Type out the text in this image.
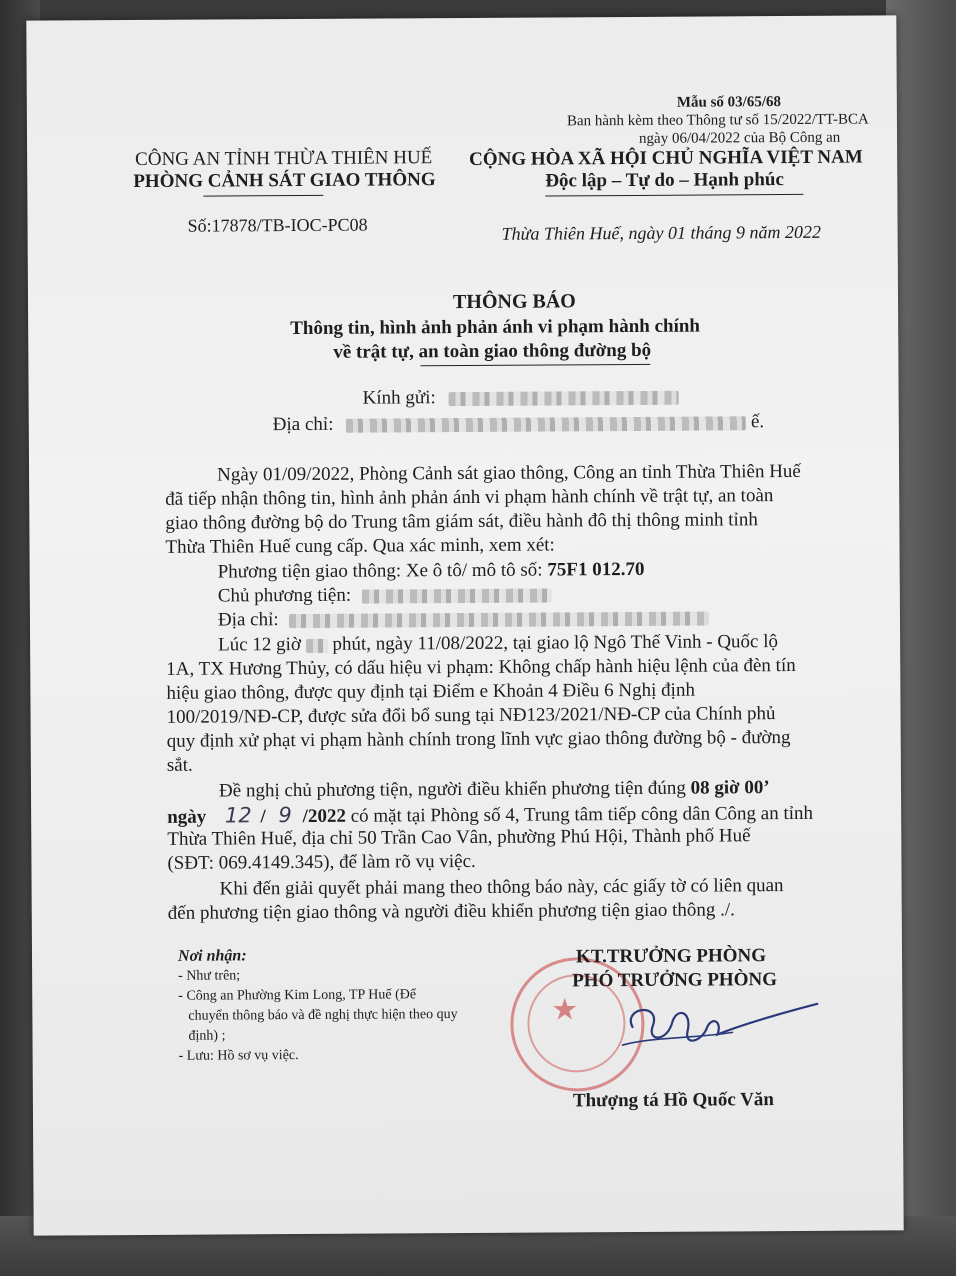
Mẫu số 03/65/68
Ban hành kèm theo Thông tư số 15/2022/TT-BCA
ngày 06/04/2022 của Bộ Công an
CÔNG AN TỈNH THỪA THIÊN HUẾ
PHÒNG CẢNH SÁT GIAO THÔNG
Số:17878/TB-IOC-PC08
CỘNG HÒA XÃ HỘI CHỦ NGHĨA VIỆT NAM
Độc lập – Tự do – Hạnh phúc
Thừa Thiên Huế, ngày 01 tháng 9 năm 2022
THÔNG BÁO
Thông tin, hình ảnh phản ánh vi phạm hành chính
về trật tự, an toàn giao thông đường bộ
Kính gửi:
Địa chỉ:	ế.
Ngày 01/09/2022, Phòng Cảnh sát giao thông, Công an tỉnh Thừa Thiên Huế
đã tiếp nhận thông tin, hình ảnh phản ánh vi phạm hành chính về trật tự, an toàn
giao thông đường bộ do Trung tâm giám sát, điều hành đô thị thông minh tỉnh
Thừa Thiên Huế cung cấp. Qua xác minh, xem xét:
Phương tiện giao thông: Xe ô tô/ mô tô số: 75F1 012.70
Chủ phương tiện:
Địa chỉ:
Lúc 12 giờ phút, ngày 11/08/2022, tại giao lộ Ngô Thế Vinh - Quốc lộ
1A, TX Hương Thủy, có dấu hiệu vi phạm: Không chấp hành hiệu lệnh của đèn tín
hiệu giao thông, được quy định tại Điểm e Khoản 4 Điều 6 Nghị định
100/2019/NĐ-CP, được sửa đổi bổ sung tại NĐ123/2021/NĐ-CP của Chính phủ
quy định xử phạt vi phạm hành chính trong lĩnh vực giao thông đường bộ - đường
sắt.
Đề nghị chủ phương tiện, người điều khiển phương tiện đúng 08 giờ 00’
ngày 12 / 9 /2022 có mặt tại Phòng số 4, Trung tâm tiếp công dân Công an tỉnh
Thừa Thiên Huế, địa chỉ 50 Trần Cao Vân, phường Phú Hội, Thành phố Huế
(SĐT: 069.4149.345), để làm rõ vụ việc.
Khi đến giải quyết phải mang theo thông báo này, các giấy tờ có liên quan
đến phương tiện giao thông và người điều khiển phương tiện giao thông ./.
Nơi nhận:
- Như trên;
- Công an Phường Kim Long, TP Huế (Để
chuyển thông báo và đề nghị thực hiện theo quy
định) ;
- Lưu: Hồ sơ vụ việc.
★
KT.TRƯỞNG PHÒNG
PHÓ TRƯỞNG PHÒNG
Thượng tá Hồ Quốc Văn
